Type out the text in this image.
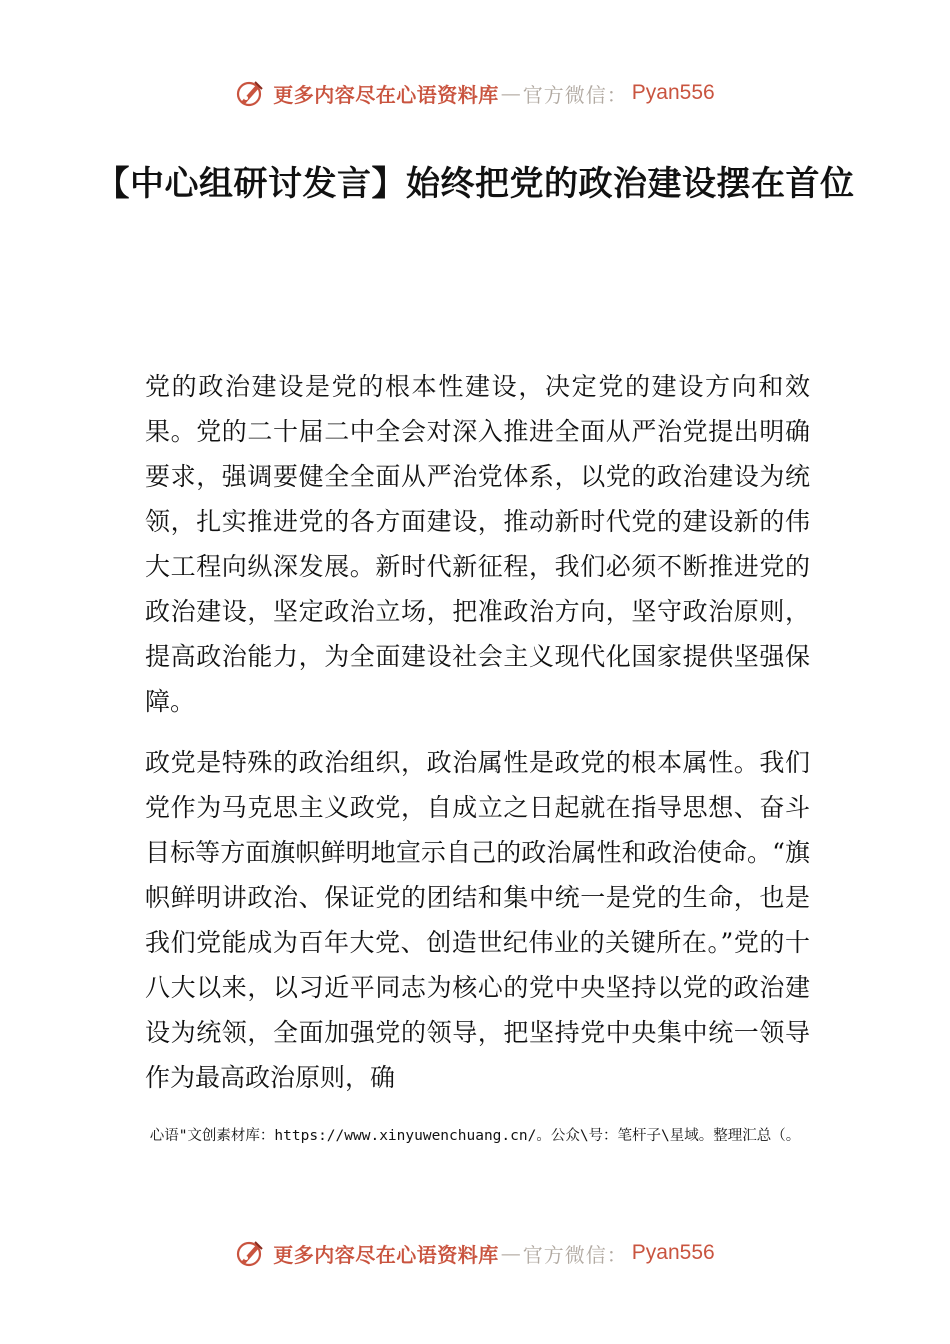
更多内容尽在心语资料库 — 官方微信： Pyan556
【中心组研讨发言】始终把党的政治建设摆在首位

党的政治建设是党的根本性建设，决定党的建设方向和效果。党的二十届二中全会对深入推进全面从严治党提出明确要求，强调要健全全面从严治党体系，以党的政治建设为统领，扎实推进党的各方面建设，推动新时代党的建设新的伟大工程向纵深发展。新时代新征程，我们必须不断推进党的政治建设，坚定政治立场，把准政治方向，坚守政治原则，提高政治能力，为全面建设社会主义现代化国家提供坚强保障。

政党是特殊的政治组织，政治属性是政党的根本属性。我们党作为马克思主义政党，自成立之日起就在指导思想、奋斗目标等方面旗帜鲜明地宣示自己的政治属性和政治使命。“旗帜鲜明讲政治、保证党的团结和集中统一是党的生命，也是我们党能成为百年大党、创造世纪伟业的关键所在。”党的十八大以来，以习近平同志为核心的党中央坚持以党的政治建设为统领，全面加强党的领导，把坚持党中央集中统一领导作为最高政治原则，确

心语"文创素材库：https://www.xinyuwenchuang.cn/。公众\号：笔杆子\星域。整理汇总（。
更多内容尽在心语资料库 — 官方微信： Pyan556
